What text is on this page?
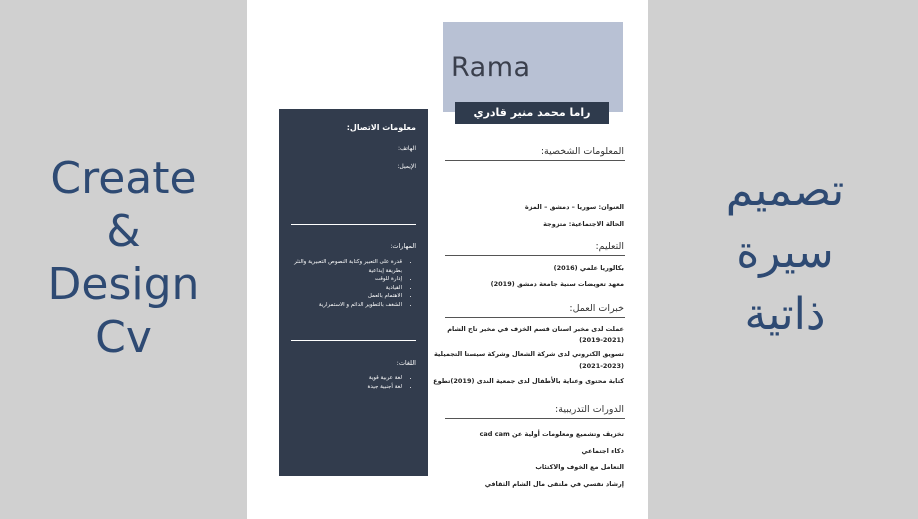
Create
&
Design
Cv
تصميم
سيرة
ذاتية
Rama
راما محمد منير قادري
معلومات الاتصال:
الهاتف:
الإيميل:
المهارات:
• قدرة على التعبير وكتابة النصوص التعبيرية والنثر بطريقة إبداعية
• إدارة للوقت
• القيادية
• الاهتمام بالعمل
• الشغف بالتطوير الدائم و الاستمرارية
اللغات:
• لغة عربية قوية
• لغة أجنبية جيدة
المعلومات الشخصية:
العنوان: سوريا – دمشق – المزة
الحالة الاجتماعية: متزوجة
التعليم:
بكالوريا علمي (2016)
معهد تعويضات سنية جامعة دمشق (2019)
خبرات العمل:
عملت لدى مخبر اسنان قسم الخزف في مخبر تاج الشام
(2019-2021)
تسويق الكتروني لدى شركة الشعال وشركة سيستا التجميلية
(2021-2023)
كتابة محتوى وعناية بالأطفال لدى جمعية الندى (2019)تطوع
الدورات التدريبية:
تخزيف وتشميع ومعلومات أولية عن cad cam
ذكاء اجتماعي
التعامل مع الخوف والاكتئاب
إرشاد نفسي في ملتقى مال الشام الثقافي
